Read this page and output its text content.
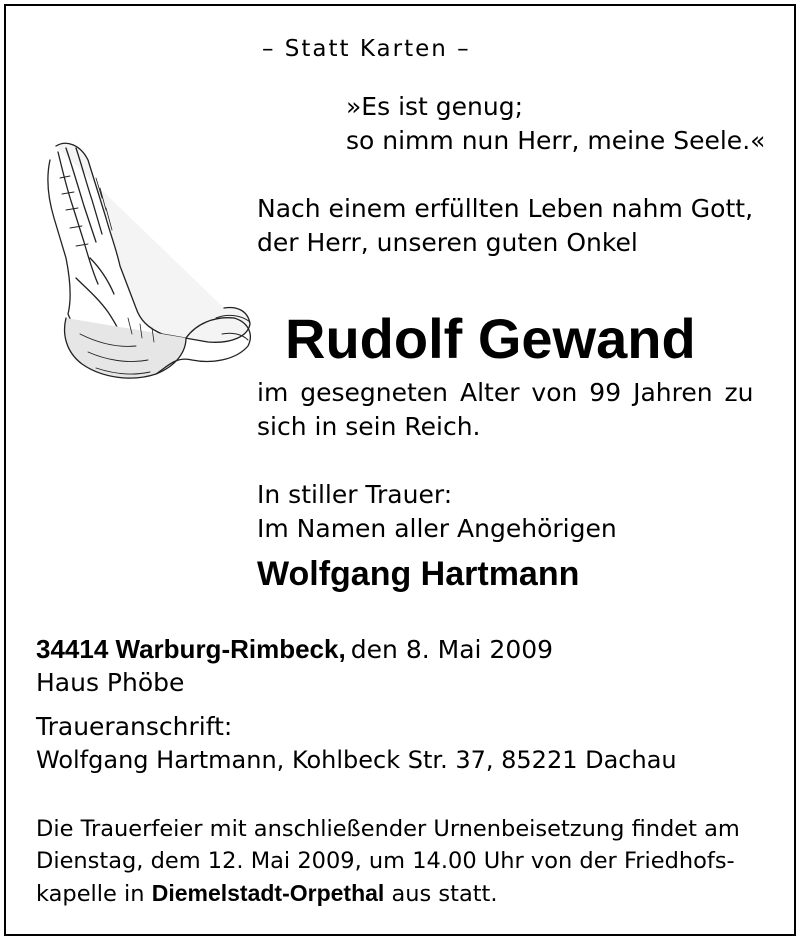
– Statt Karten –
»Es ist genug;
so nimm nun Herr, meine Seele.«
Nach einem erfüllten Leben nahm Gott,
der Herr, unseren guten Onkel
Rudolf Gewand
im gesegneten Alter von 99 Jahren zu
sich in sein Reich.
In stiller Trauer:
Im Namen aller Angehörigen
Wolfgang Hartmann
34414 Warburg-Rimbeck, den 8. Mai 2009
Haus Phöbe
Traueranschrift:
Wolfgang Hartmann, Kohlbeck Str. 37, 85221 Dachau
Die Trauerfeier mit anschließender Urnenbeisetzung findet am
Dienstag, dem 12. Mai 2009, um 14.00 Uhr von der Friedhofs-
kapelle in Diemelstadt-Orpethal aus statt.
